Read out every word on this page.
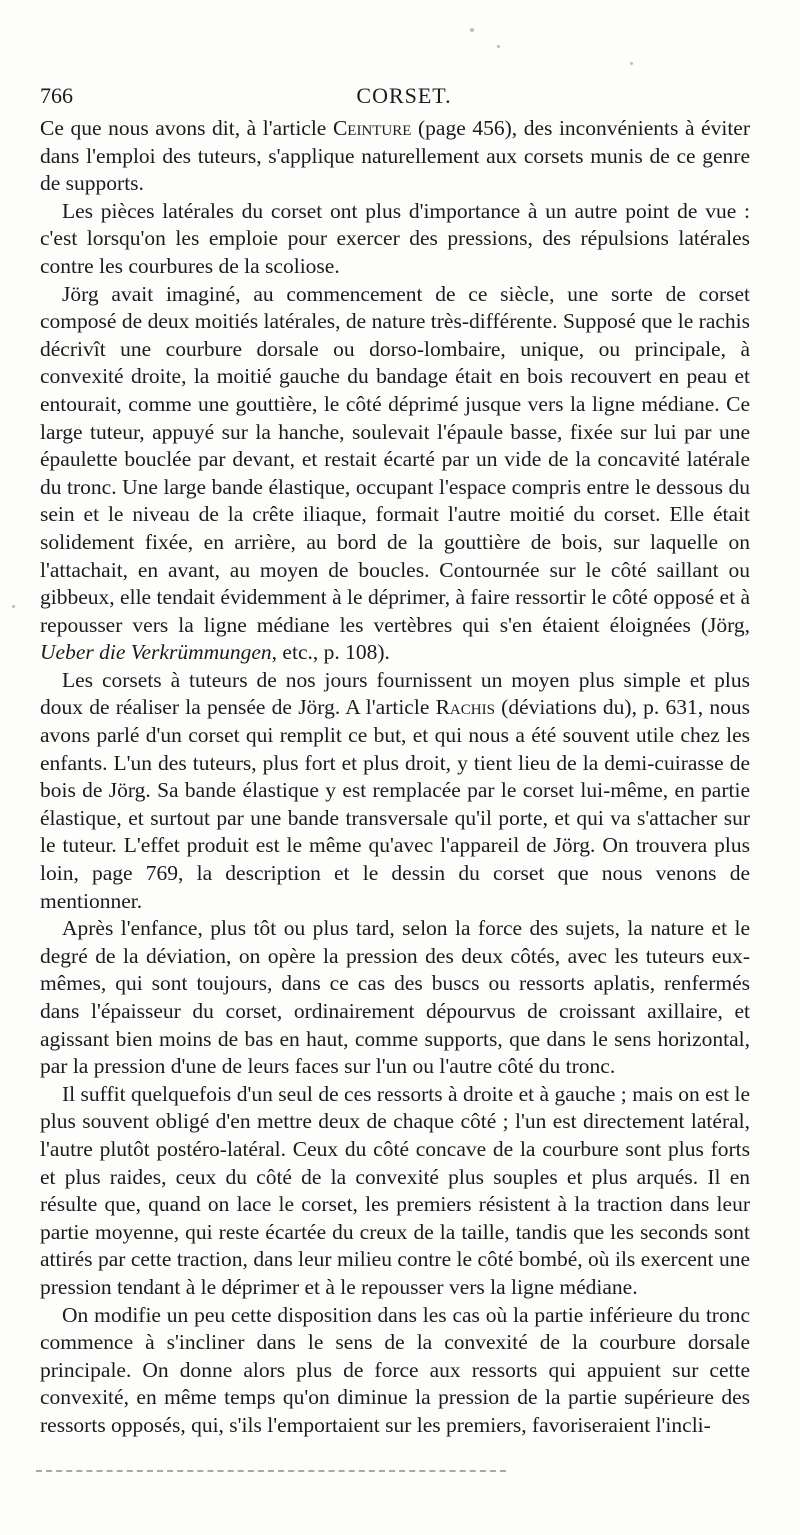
766	CORSET.

Ce que nous avons dit, à l'article Ceinture (page 456), des inconvénients à éviter dans l'emploi des tuteurs, s'applique naturellement aux corsets munis de ce genre de supports.

Les pièces latérales du corset ont plus d'importance à un autre point de vue : c'est lorsqu'on les emploie pour exercer des pressions, des répulsions latérales contre les courbures de la scoliose.

Jörg avait imaginé, au commencement de ce siècle, une sorte de corset composé de deux moitiés latérales, de nature très-différente. Supposé que le rachis décrivît une courbure dorsale ou dorso-lombaire, unique, ou principale, à convexité droite, la moitié gauche du bandage était en bois recouvert en peau et entourait, comme une gouttière, le côté déprimé jusque vers la ligne médiane. Ce large tuteur, appuyé sur la hanche, soulevait l'épaule basse, fixée sur lui par une épaulette bouclée par devant, et restait écarté par un vide de la concavité latérale du tronc. Une large bande élastique, occupant l'espace compris entre le dessous du sein et le niveau de la crête iliaque, formait l'autre moitié du corset. Elle était solidement fixée, en arrière, au bord de la gouttière de bois, sur laquelle on l'attachait, en avant, au moyen de boucles. Contournée sur le côté saillant ou gibbeux, elle tendait évidemment à le déprimer, à faire ressortir le côté opposé et à repousser vers la ligne médiane les vertèbres qui s'en étaient éloignées (Jörg, Ueber die Verkrümmungen, etc., p. 108).

Les corsets à tuteurs de nos jours fournissent un moyen plus simple et plus doux de réaliser la pensée de Jörg. A l'article Rachis (déviations du), p. 631, nous avons parlé d'un corset qui remplit ce but, et qui nous a été souvent utile chez les enfants. L'un des tuteurs, plus fort et plus droit, y tient lieu de la demi-cuirasse de bois de Jörg. Sa bande élastique y est remplacée par le corset lui-même, en partie élastique, et surtout par une bande transversale qu'il porte, et qui va s'attacher sur le tuteur. L'effet produit est le même qu'avec l'appareil de Jörg. On trouvera plus loin, page 769, la description et le dessin du corset que nous venons de mentionner.

Après l'enfance, plus tôt ou plus tard, selon la force des sujets, la nature et le degré de la déviation, on opère la pression des deux côtés, avec les tuteurs eux-mêmes, qui sont toujours, dans ce cas des buscs ou ressorts aplatis, renfermés dans l'épaisseur du corset, ordinairement dépourvus de croissant axillaire, et agissant bien moins de bas en haut, comme supports, que dans le sens horizontal, par la pression d'une de leurs faces sur l'un ou l'autre côté du tronc.

Il suffit quelquefois d'un seul de ces ressorts à droite et à gauche ; mais on est le plus souvent obligé d'en mettre deux de chaque côté ; l'un est directement latéral, l'autre plutôt postéro-latéral. Ceux du côté concave de la courbure sont plus forts et plus raides, ceux du côté de la convexité plus souples et plus arqués. Il en résulte que, quand on lace le corset, les premiers résistent à la traction dans leur partie moyenne, qui reste écartée du creux de la taille, tandis que les seconds sont attirés par cette traction, dans leur milieu contre le côté bombé, où ils exercent une pression tendant à le déprimer et à le repousser vers la ligne médiane.

On modifie un peu cette disposition dans les cas où la partie inférieure du tronc commence à s'incliner dans le sens de la convexité de la courbure dorsale principale. On donne alors plus de force aux ressorts qui appuient sur cette convexité, en même temps qu'on diminue la pression de la partie supérieure des ressorts opposés, qui, s'ils l'emportaient sur les premiers, favoriseraient l'incli-
